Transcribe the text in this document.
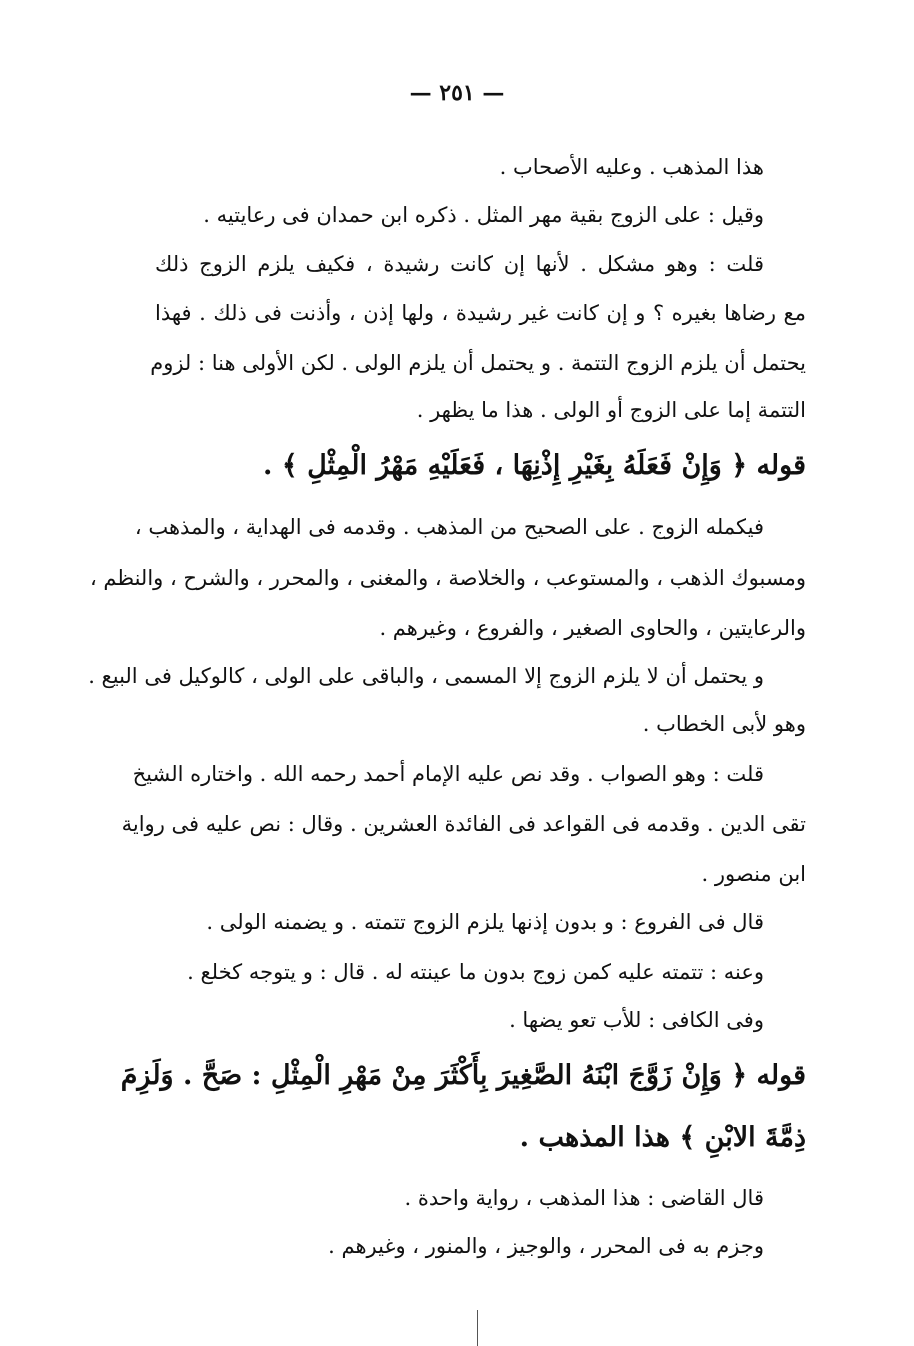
— ٢٥١ —
هذا المذهب . وعليه الأصحاب .
وقيل : على الزوج بقية مهر المثل . ذكره ابن حمدان فى رعايتيه .
قلت : وهو مشكل . لأنها إن كانت رشيدة ، فكيف يلزم الزوج ذلك
مع رضاها بغيره ؟ و إن كانت غير رشيدة ، ولها إذن ، وأذنت فى ذلك . فهذا
يحتمل أن يلزم الزوج التتمة . و يحتمل أن يلزم الولى . لكن الأولى هنا : لزوم
التتمة إما على الزوج أو الولى . هذا ما يظهر .
قوله ﴿ وَإِنْ فَعَلَهُ بِغَيْرِ إِذْنِهَا ، فَعَلَيْهِ مَهْرُ الْمِثْلِ ﴾ .
فيكمله الزوج . على الصحيح من المذهب . وقدمه فى الهداية ، والمذهب ،
ومسبوك الذهب ، والمستوعب ، والخلاصة ، والمغنى ، والمحرر ، والشرح ، والنظم ،
والرعايتين ، والحاوى الصغير ، والفروع ، وغيرهم .
و يحتمل أن لا يلزم الزوج إلا المسمى ، والباقى على الولى ، كالوكيل فى البيع .
وهو لأبى الخطاب .
قلت : وهو الصواب . وقد نص عليه الإمام أحمد رحمه الله . واختاره الشيخ
تقى الدين . وقدمه فى القواعد فى الفائدة العشرين . وقال : نص عليه فى رواية
ابن منصور .
قال فى الفروع : و بدون إذنها يلزم الزوج تتمته . و يضمنه الولى .
وعنه : تتمته عليه كمن زوج بدون ما عينته له . قال : و يتوجه كخلع .
وفى الكافى : للأب تعو يضها .
قوله ﴿ وَإِنْ زَوَّجَ ابْنَهُ الصَّغِيرَ بِأَكْثَرَ مِنْ مَهْرِ الْمِثْلِ : صَحَّ . وَلَزِمَ
ذِمَّةَ الابْنِ ﴾ هذا المذهب .
قال القاضى : هذا المذهب ، رواية واحدة .
وجزم به فى المحرر ، والوجيز ، والمنور ، وغيرهم .
